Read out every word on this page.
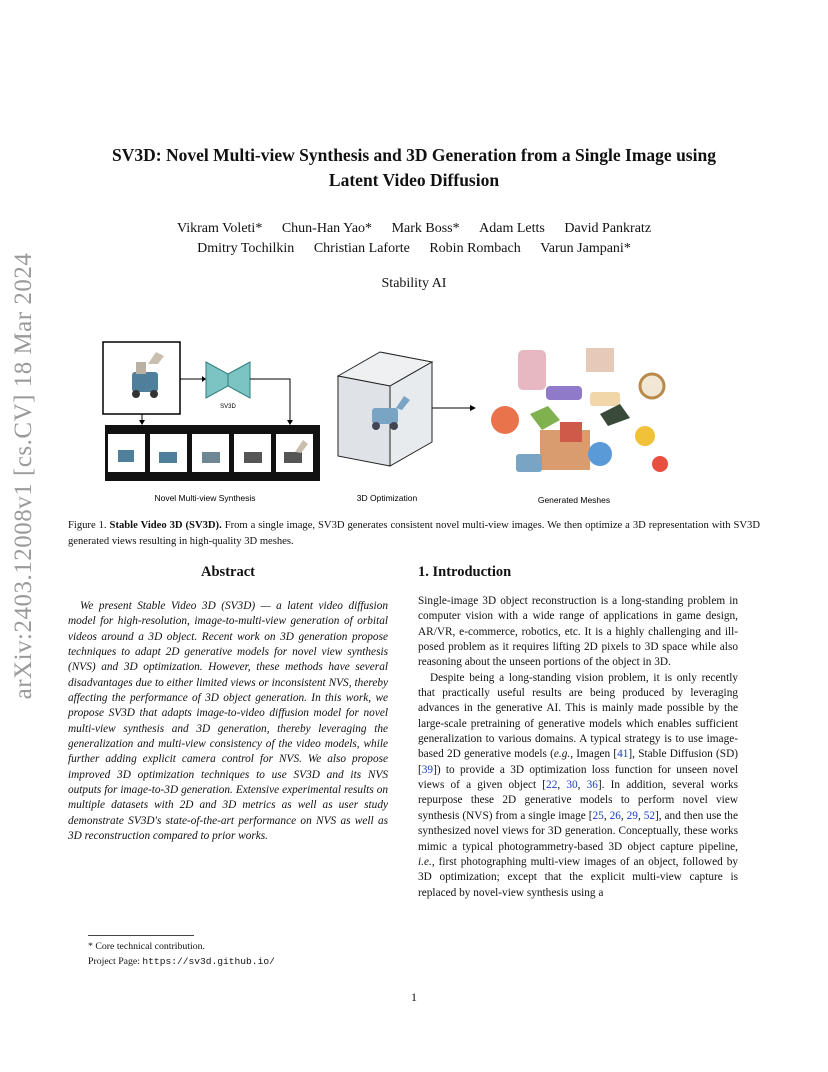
arXiv:2403.12008v1 [cs.CV] 18 Mar 2024
SV3D: Novel Multi-view Synthesis and 3D Generation from a Single Image using
Latent Video Diffusion
Vikram Voleti* Chun-Han Yao* Mark Boss* Adam Letts David Pankratz
Dmitry Tochilkin Christian Laforte Robin Rombach Varun Jampani*
Stability AI
SV3D
Novel Multi-view Synthesis	3D Optimization	Generated Meshes
Figure 1. Stable Video 3D (SV3D). From a single image, SV3D generates consistent novel multi-view images. We then optimize a 3D representation with SV3D generated views resulting in high-quality 3D meshes.
Abstract

We present Stable Video 3D (SV3D) — a latent video diffusion model for high-resolution, image-to-multi-view generation of orbital videos around a 3D object. Recent work on 3D generation propose techniques to adapt 2D generative models for novel view synthesis (NVS) and 3D optimization. However, these methods have several disadvantages due to either limited views or inconsistent NVS, thereby affecting the performance of 3D object generation. In this work, we propose SV3D that adapts image-to-video diffusion model for novel multi-view synthesis and 3D generation, thereby leveraging the generalization and multi-view consistency of the video models, while further adding explicit camera control for NVS. We also propose improved 3D optimization techniques to use SV3D and its NVS outputs for image-to-3D generation. Extensive experimental results on multiple datasets with 2D and 3D metrics as well as user study demonstrate SV3D's state-of-the-art performance on NVS as well as 3D reconstruction compared to prior works.

* Core technical contribution.
Project Page: https://sv3d.github.io/
1. Introduction

Single-image 3D object reconstruction is a long-standing problem in computer vision with a wide range of applications in game design, AR/VR, e-commerce, robotics, etc. It is a highly challenging and ill-posed problem as it requires lifting 2D pixels to 3D space while also reasoning about the unseen portions of the object in 3D.

Despite being a long-standing vision problem, it is only recently that practically useful results are being produced by leveraging advances in the generative AI. This is mainly made possible by the large-scale pretraining of generative models which enables sufficient generalization to various domains. A typical strategy is to use image-based 2D generative models (e.g., Imagen [41], Stable Diffusion (SD) [39]) to provide a 3D optimization loss function for unseen novel views of a given object [22, 30, 36]. In addition, several works repurpose these 2D generative models to perform novel view synthesis (NVS) from a single image [25, 26, 29, 52], and then use the synthesized novel views for 3D generation. Conceptually, these works mimic a typical photogrammetry-based 3D object capture pipeline, i.e., first photographing multi-view images of an object, followed by 3D optimization; except that the explicit multi-view capture is replaced by novel-view synthesis using a

1
